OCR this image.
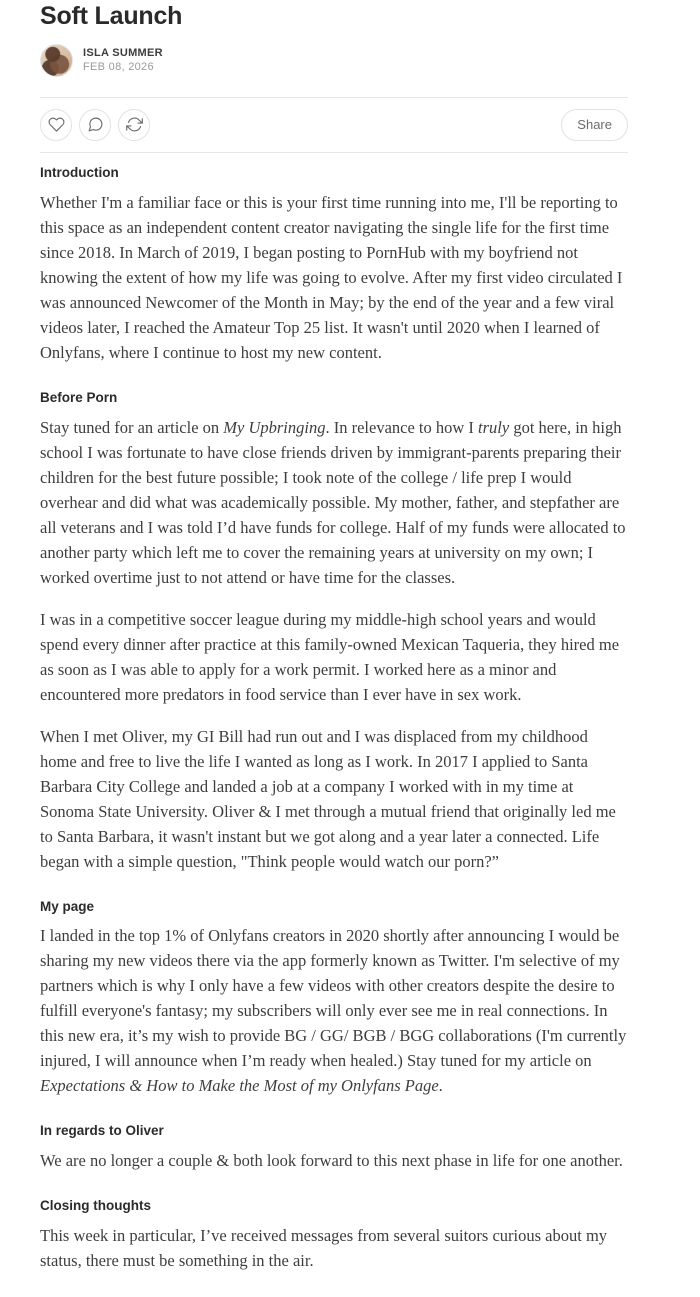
Soft Launch
ISLA SUMMER
FEB 08, 2026
Share
Introduction

Whether I'm a familiar face or this is your first time running into me, I'll be reporting to this space as an independent content creator navigating the single life for the first time since 2018. In March of 2019, I began posting to PornHub with my boyfriend not knowing the extent of how my life was going to evolve. After my first video circulated I was announced Newcomer of the Month in May; by the end of the year and a few viral videos later, I reached the Amateur Top 25 list. It wasn't until 2020 when I learned of Onlyfans, where I continue to host my new content.

Before Porn

Stay tuned for an article on My Upbringing. In relevance to how I truly got here, in high school I was fortunate to have close friends driven by immigrant-parents preparing their children for the best future possible; I took note of the college / life prep I would overhear and did what was academically possible. My mother, father, and stepfather are all veterans and I was told I’d have funds for college. Half of my funds were allocated to another party which left me to cover the remaining years at university on my own; I worked overtime just to not attend or have time for the classes.

I was in a competitive soccer league during my middle-high school years and would spend every dinner after practice at this family-owned Mexican Taqueria, they hired me as soon as I was able to apply for a work permit. I worked here as a minor and encountered more predators in food service than I ever have in sex work.

When I met Oliver, my GI Bill had run out and I was displaced from my childhood home and free to live the life I wanted as long as I work. In 2017 I applied to Santa Barbara City College and landed a job at a company I worked with in my time at Sonoma State University. Oliver & I met through a mutual friend that originally led me to Santa Barbara, it wasn't instant but we got along and a year later a connected. Life began with a simple question, "Think people would watch our porn?”

My page

I landed in the top 1% of Onlyfans creators in 2020 shortly after announcing I would be sharing my new videos there via the app formerly known as Twitter. I'm selective of my partners which is why I only have a few videos with other creators despite the desire to fulfill everyone's fantasy; my subscribers will only ever see me in real connections. In this new era, it’s my wish to provide BG / GG/ BGB / BGG collaborations (I'm currently injured, I will announce when I’m ready when healed.) Stay tuned for my article on Expectations & How to Make the Most of my Onlyfans Page.

In regards to Oliver

We are no longer a couple & both look forward to this next phase in life for one another.

Closing thoughts

This week in particular, I’ve received messages from several suitors curious about my status, there must be something in the air.
